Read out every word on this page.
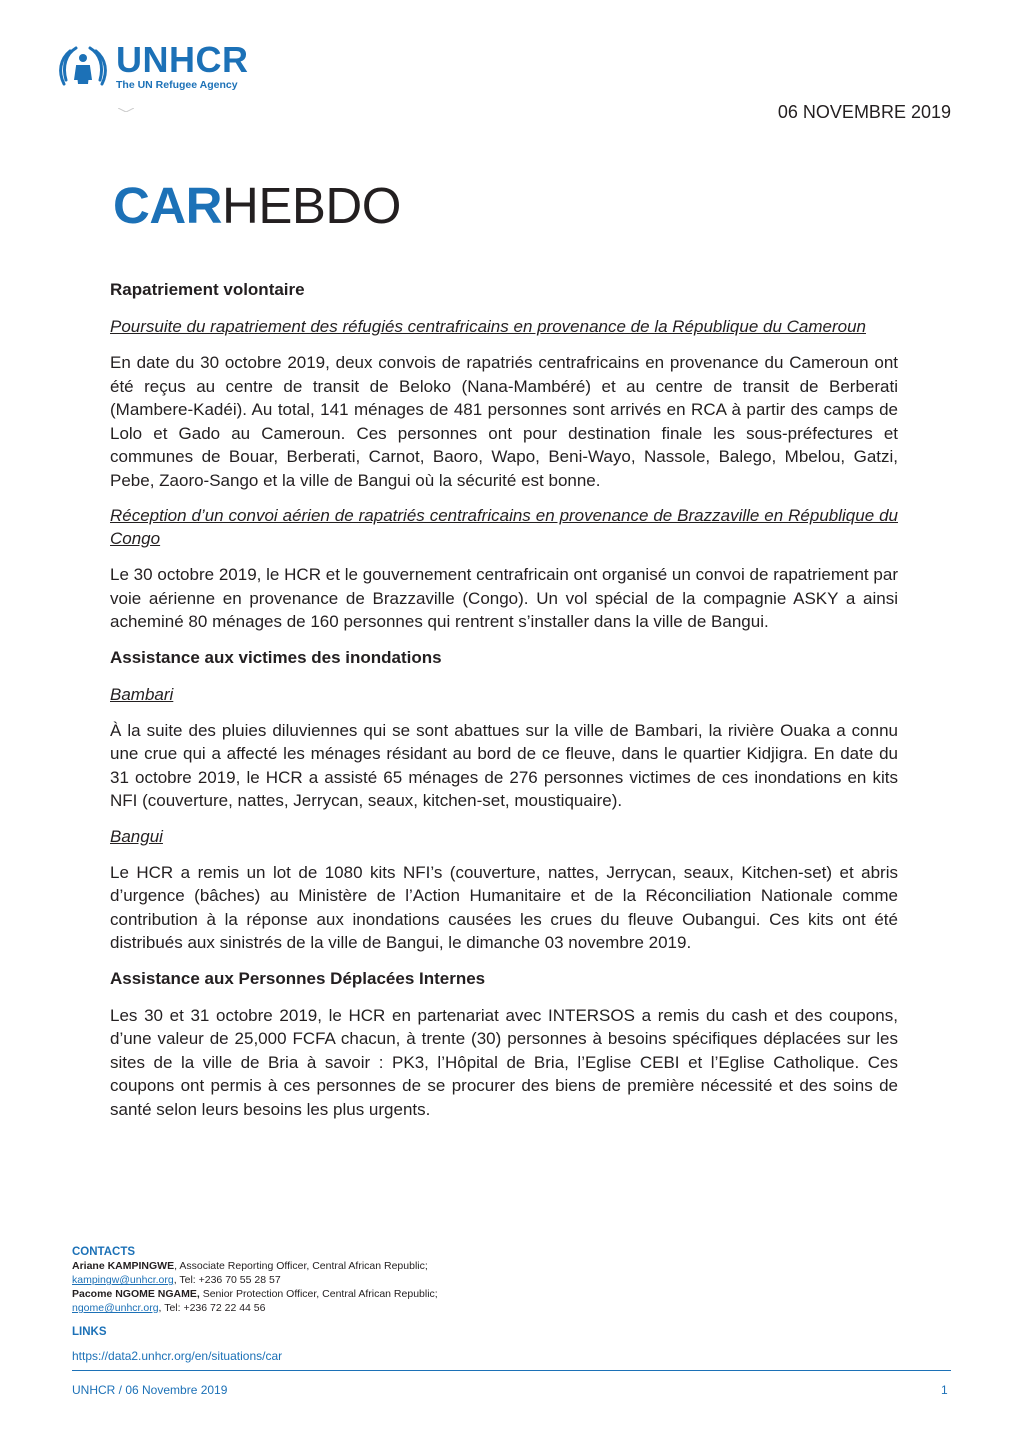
UNHCR
The UN Refugee Agency
06 NOVEMBRE 2019
CARHEBDO
Rapatriement volontaire
Poursuite du rapatriement des réfugiés centrafricains en provenance de la République du Cameroun

En date du 30 octobre 2019, deux convois de rapatriés centrafricains en provenance du Cameroun ont été reçus au centre de transit de Beloko (Nana-Mambéré) et au centre de transit de Berberati (Mambere-Kadéi). Au total, 141 ménages de 481 personnes sont arrivés en RCA à partir des camps de Lolo et Gado au Cameroun. Ces personnes ont pour destination finale les sous-préfectures et communes de Bouar, Berberati, Carnot, Baoro, Wapo, Beni-Wayo, Nassole, Balego, Mbelou, Gatzi, Pebe, Zaoro-Sango et la ville de Bangui où la sécurité est bonne.

Réception d’un convoi aérien de rapatriés centrafricains en provenance de Brazzaville en République du Congo

Le 30 octobre 2019, le HCR et le gouvernement centrafricain ont organisé un convoi de rapatriement par voie aérienne en provenance de Brazzaville (Congo). Un vol spécial de la compagnie ASKY a ainsi acheminé 80 ménages de 160 personnes qui rentrent s’installer dans la ville de Bangui.

Assistance aux victimes des inondations
Bambari

À la suite des pluies diluviennes qui se sont abattues sur la ville de Bambari, la rivière Ouaka a connu une crue qui a affecté les ménages résidant au bord de ce fleuve, dans le quartier Kidjigra. En date du 31 octobre 2019, le HCR a assisté 65 ménages de 276 personnes victimes de ces inondations en kits NFI (couverture, nattes, Jerrycan, seaux, kitchen-set, moustiquaire).

Bangui

Le HCR a remis un lot de 1080 kits NFI’s (couverture, nattes, Jerrycan, seaux, Kitchen-set) et abris d’urgence (bâches) au Ministère de l’Action Humanitaire et de la Réconciliation Nationale comme contribution à la réponse aux inondations causées les crues du fleuve Oubangui. Ces kits ont été distribués aux sinistrés de la ville de Bangui, le dimanche 03 novembre 2019.

Assistance aux Personnes Déplacées Internes

Les 30 et 31 octobre 2019, le HCR en partenariat avec INTERSOS a remis du cash et des coupons, d’une valeur de 25,000 FCFA chacun, à trente (30) personnes à besoins spécifiques déplacées sur les sites de la ville de Bria à savoir : PK3, l’Hôpital de Bria, l’Eglise CEBI et l’Eglise Catholique. Ces coupons ont permis à ces personnes de se procurer des biens de première nécessité et des soins de santé selon leurs besoins les plus urgents.

CONTACTS
Ariane KAMPINGWE, Associate Reporting Officer, Central African Republic;
kampingw@unhcr.org, Tel: +236 70 55 28 57
Pacome NGOME NGAME, Senior Protection Officer, Central African Republic;
ngome@unhcr.org, Tel: +236 72 22 44 56
LINKS
https://data2.unhcr.org/en/situations/car
UNHCR / 06 Novembre 2019	1
